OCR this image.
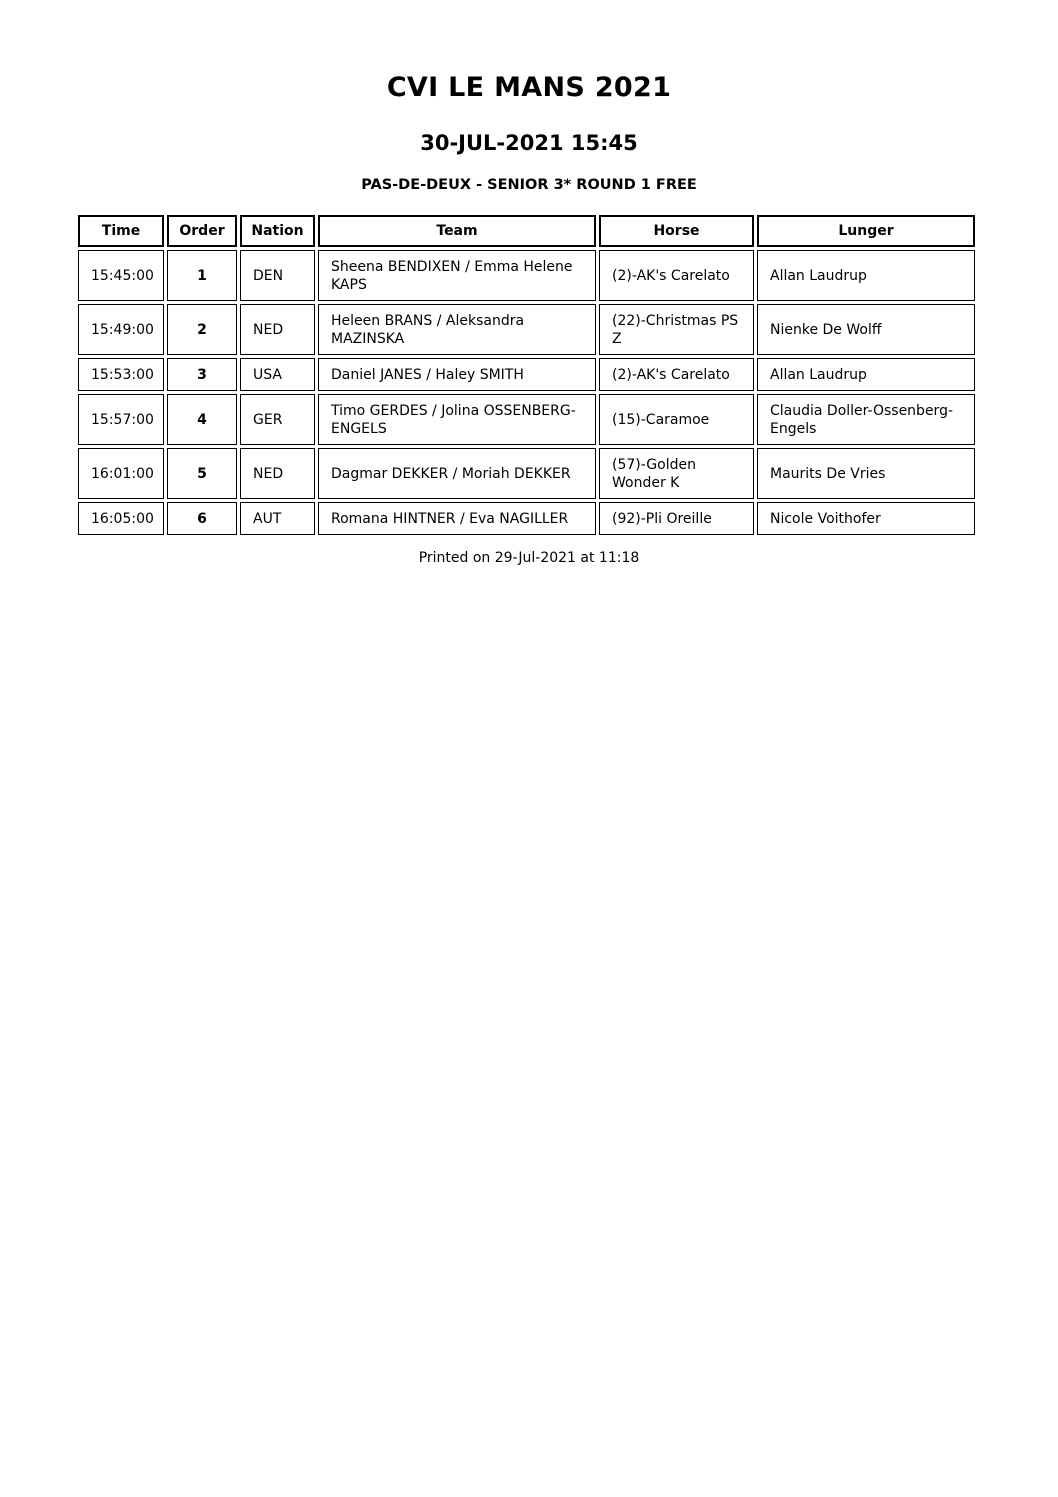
CVI LE MANS 2021
30-JUL-2021 15:45
PAS-DE-DEUX - SENIOR 3* ROUND 1 FREE
Time	Order	Nation	Team	Horse	Lunger
15:45:00	1	DEN	Sheena BENDIXEN / Emma Helene KAPS	(2)-AK's Carelato	Allan Laudrup
15:49:00	2	NED	Heleen BRANS / Aleksandra MAZINSKA	(22)-Christmas PS Z	Nienke De Wolff
15:53:00	3	USA	Daniel JANES / Haley SMITH	(2)-AK's Carelato	Allan Laudrup
15:57:00	4	GER	Timo GERDES / Jolina OSSENBERG-ENGELS	(15)-Caramoe	Claudia Doller-Ossenberg-Engels
16:01:00	5	NED	Dagmar DEKKER / Moriah DEKKER	(57)-Golden Wonder K	Maurits De Vries
16:05:00	6	AUT	Romana HINTNER / Eva NAGILLER	(92)-Pli Oreille	Nicole Voithofer
Printed on 29-Jul-2021 at 11:18
